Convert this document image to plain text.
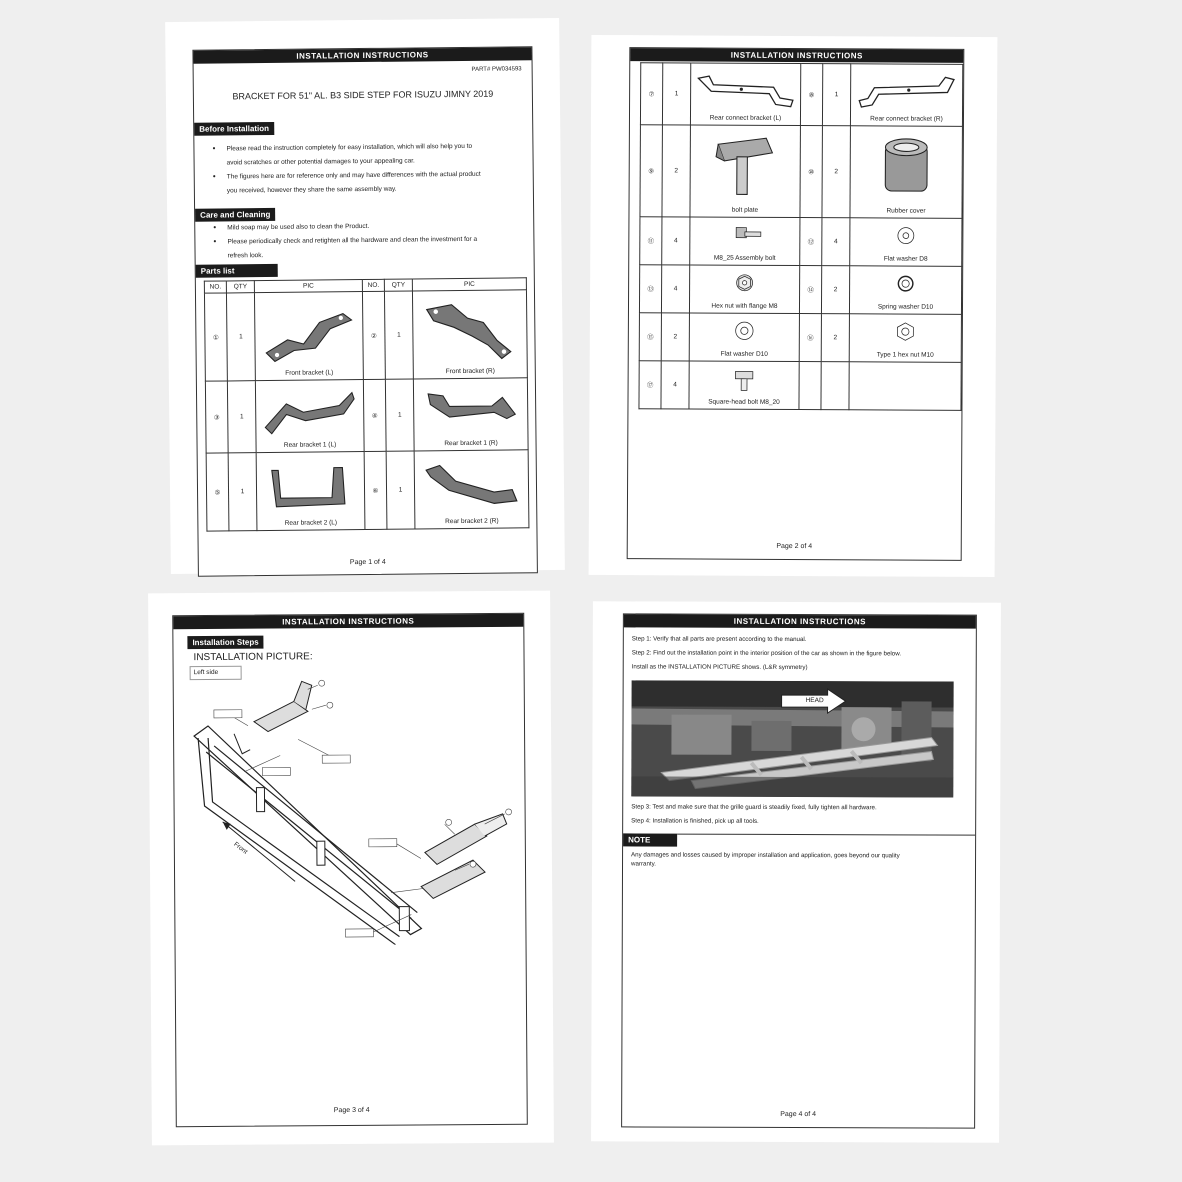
INSTALLATION INSTRUCTIONS
PART# PW034593
BRACKET FOR 51" AL. B3 SIDE STEP FOR ISUZU JIMNY 2019
Before Installation
● Please read the instruction completely for easy installation, which will also help you to
avoid scratches or other potential damages to your appealing car.
● The figures here are for reference only and may have differences with the actual product
you received, however they share the same assembly way.
Care and Cleaning
● Mild soap may be used also to clean the Product.
● Please periodically check and retighten all the hardware and clean the investment for a
refresh look.
Parts list
NO.	QTY	PIC	NO.	QTY	PIC
①	1	Front bracket (L)	②	1	Front bracket (R)

③	1	Rear bracket 1 (L)	④	1	Rear bracket 1 (R)

⑤	1	Rear bracket 2 (L)	⑥	1	Rear bracket 2 (R)
Page 1 of 4
INSTALLATION INSTRUCTIONS
⑦	1	Rear connect bracket (L)	⑧	1	Rear connect bracket (R)

⑨	2	bolt plate	⑩	2	Rubber cover

⑪	4	M8_25 Assembly bolt	⑫	4	Flat washer D8

⑬	4	Hex nut with flange M8	⑭	2	Spring washer D10

⑮	2	Flat washer D10	⑯	2	Type 1 hex nut M10

⑰	4	Square-head bolt M8_20			

Page 2 of 4
INSTALLATION INSTRUCTIONS
Installation Steps
INSTALLATION PICTURE:
Left side
Front
Page 3 of 4
INSTALLATION INSTRUCTIONS
Step 1: Verify that all parts are present according to the manual.
Step 2: Find out the installation point in the interior position of the car as shown in the figure below.
Install as the INSTALLATION PICTURE shows. (L&R symmetry)
HEAD
Step 3: Test and make sure that the grille guard is steadily fixed, fully tighten all hardware.
Step 4: Installation is finished, pick up all tools.
NOTE
Any damages and losses caused by improper installation and application, goes beyond our quality
warranty.
Page 4 of 4
